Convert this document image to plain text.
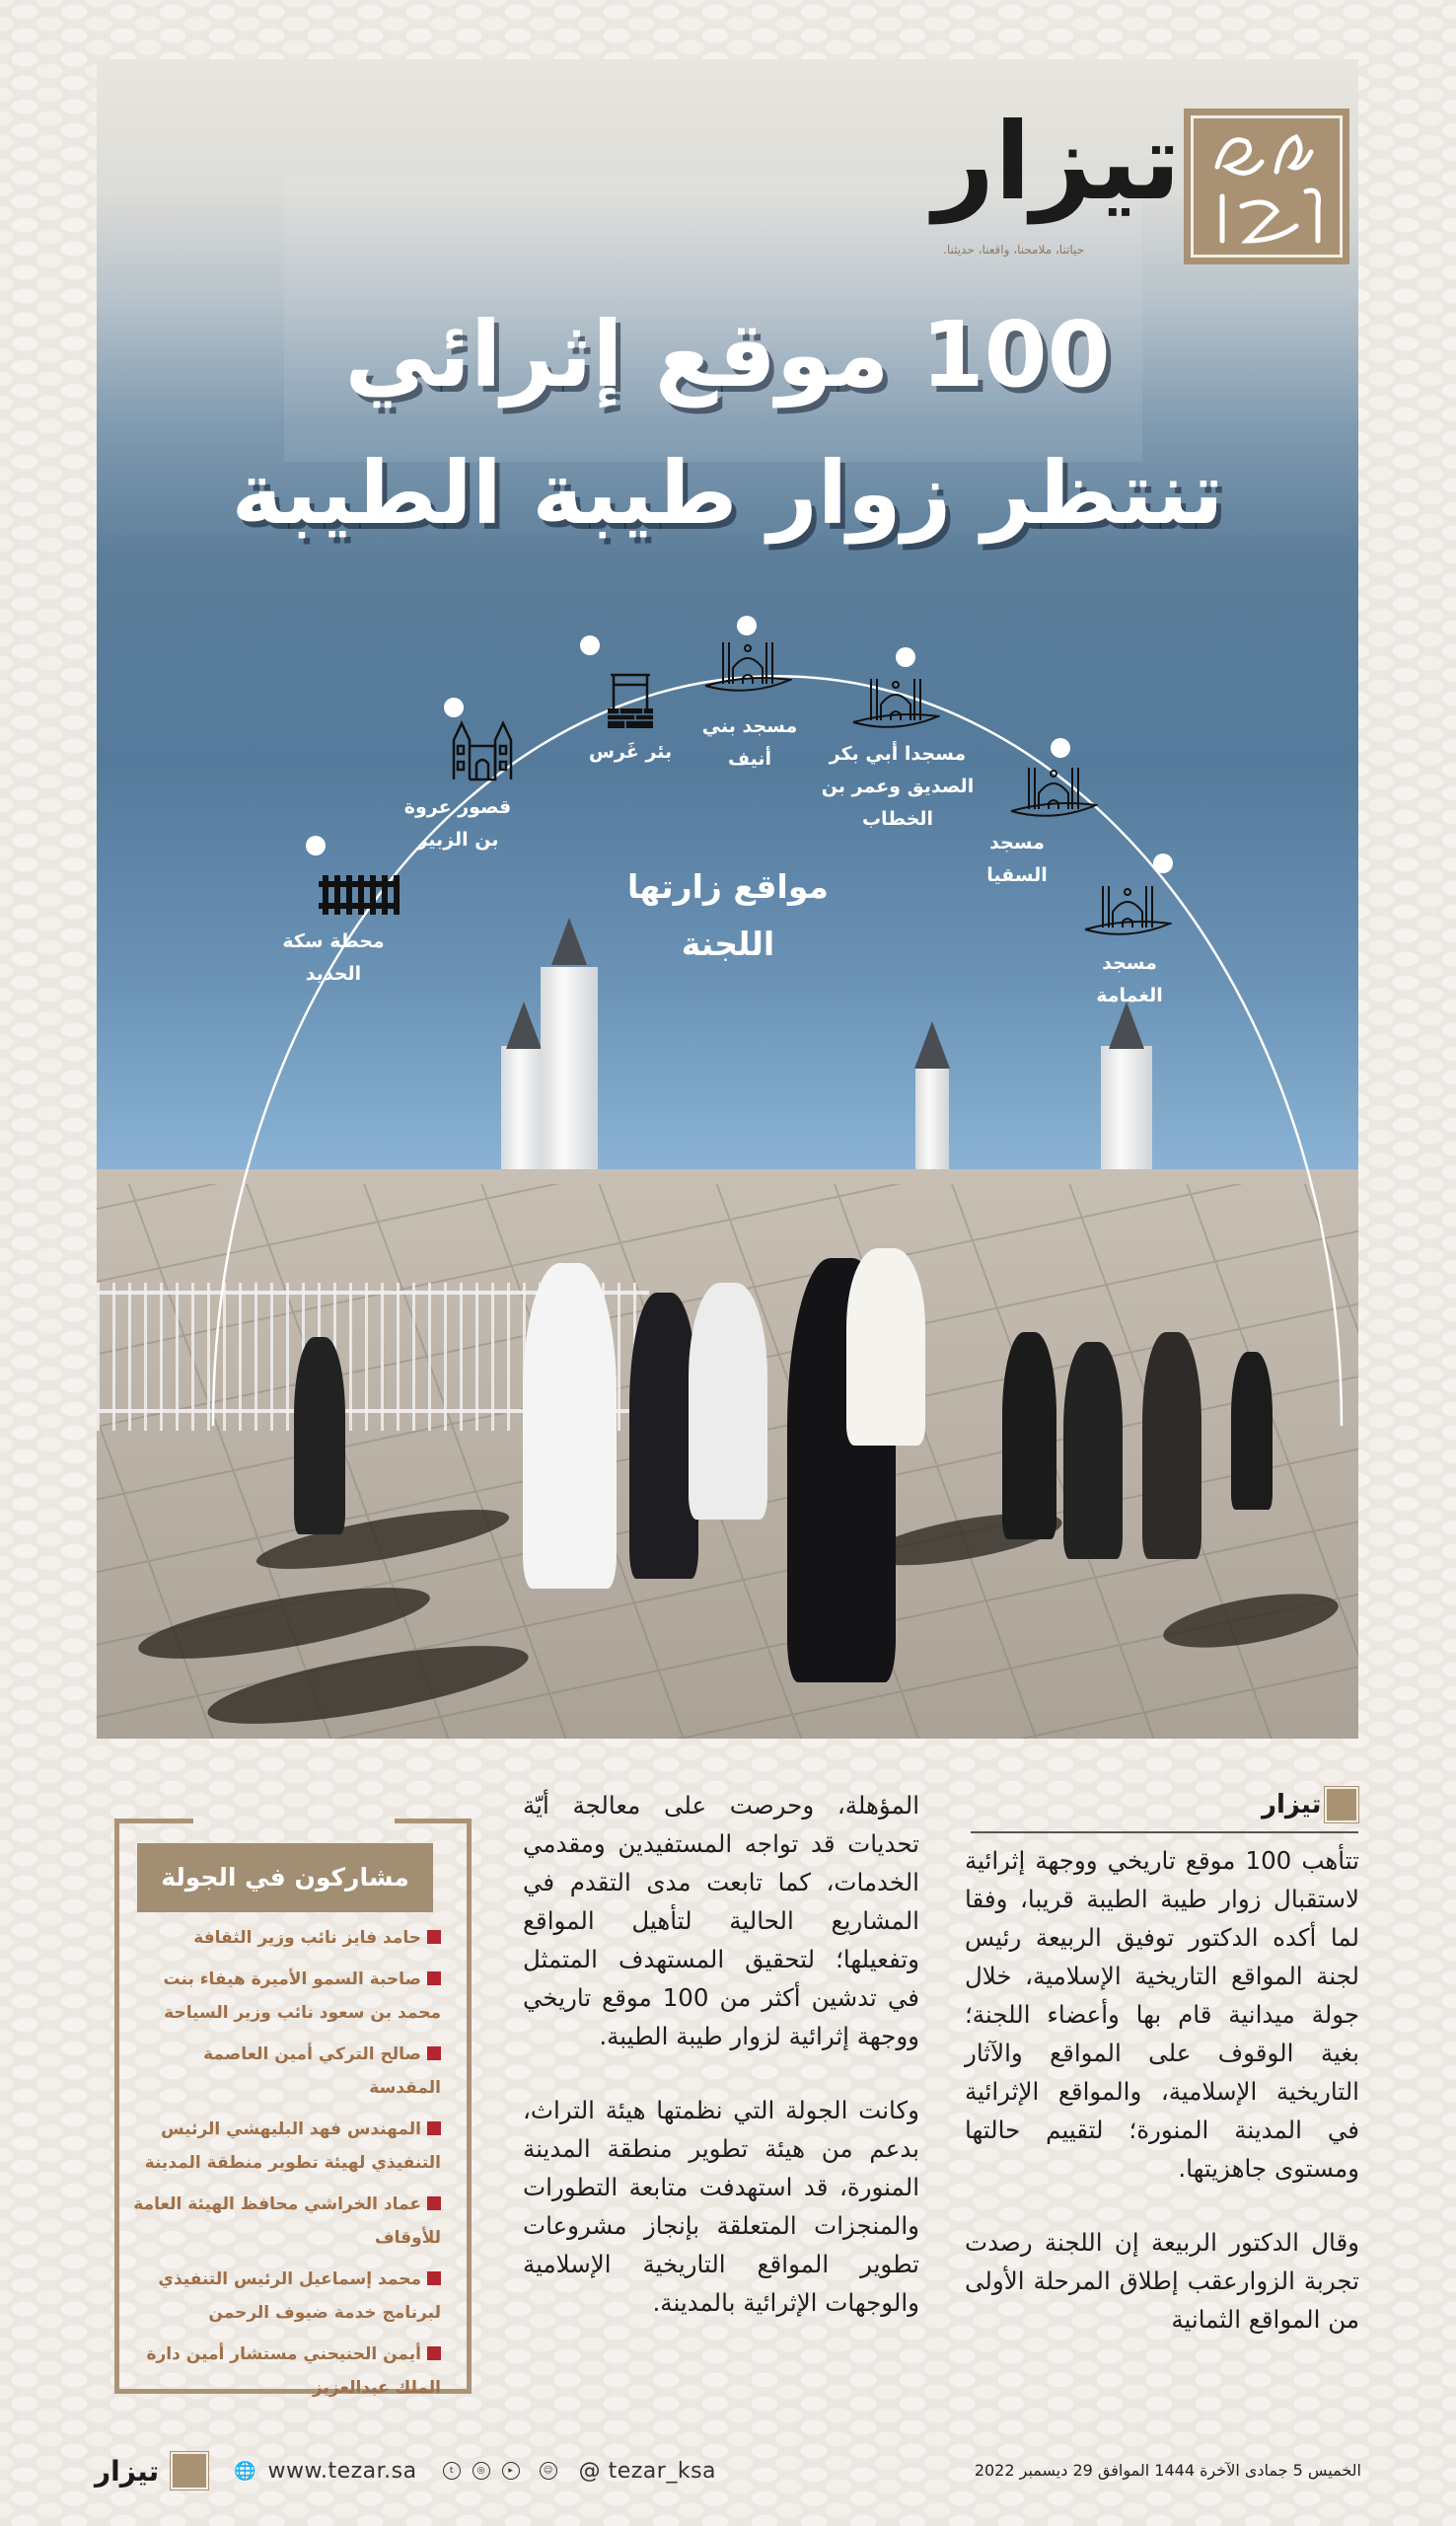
تيزار
حياتنا، ملامحنا، واقعنا، حديثنا.
100 موقع إثرائي
تنتظر زوار طيبة الطيبة
محطة سكة
الحديد
قصور عروة
بن الزبير
بئر غَرس
مسجد بني
أنيف	مسجدا أبي بكر
الصديق وعمر بن
الخطاب
مسجد
السقيا
مسجد
الغمامة
مواقع زارتها
اللجنة
تيزار

تتأهب 100 موقع تاريخي ووجهة إثرائية لاستقبال زوار طيبة الطيبة قريبا، وفقا لما أكده الدكتور توفيق الربيعة رئيس لجنة المواقع التاريخية الإسلامية، خلال جولة ميدانية قام بها وأعضاء اللجنة؛ بغية الوقوف على المواقع والآثار التاريخية الإسلامية، والمواقع الإثرائية في المدينة المنورة؛ لتقييم حالتها ومستوى جاهزيتها.

وقال الدكتور الربيعة إن اللجنة رصدت تجربة الزوارعقب إطلاق المرحلة الأولى من المواقع الثمانية

المؤهلة، وحرصت على معالجة أيّة تحديات قد تواجه المستفيدين ومقدمي الخدمات، كما تابعت مدى التقدم في المشاريع الحالية لتأهيل المواقع وتفعيلها؛ لتحقيق المستهدف المتمثل في تدشين أكثر من 100 موقع تاريخي ووجهة إثرائية لزوار طيبة الطيبة.

وكانت الجولة التي نظمتها هيئة التراث، بدعم من هيئة تطوير منطقة المدينة المنورة، قد استهدفت متابعة التطورات والمنجزات المتعلقة بإنجاز مشروعات تطوير المواقع التاريخية الإسلامية والوجهات الإثرائية بالمدينة.

مشاركون في الجولة
حامد فايز نائب وزير الثقافة
صاحبة السمو الأميرة هيفاء بنت محمد بن سعود نائب وزير السياحة
صالح التركي أمين العاصمة المقدسة
المهندس فهد البليهشي الرئيس التنفيذي لهيئة تطوير منطقة المدينة
عماد الخراشي محافظ الهيئة العامة للأوقاف
محمد إسماعيل الرئيس التنفيذي لبرنامج خدمة ضيوف الرحمن
أيمن الحنيحني مستشار أمين دارة الملك عبدالعزيز
الخميس 5 جمادى الآخرة 1444 الموافق 29 ديسمبر 2022
تيزار	🌐 www.tezar.sa	t	◎	▸	☺ @ tezar_ksa
